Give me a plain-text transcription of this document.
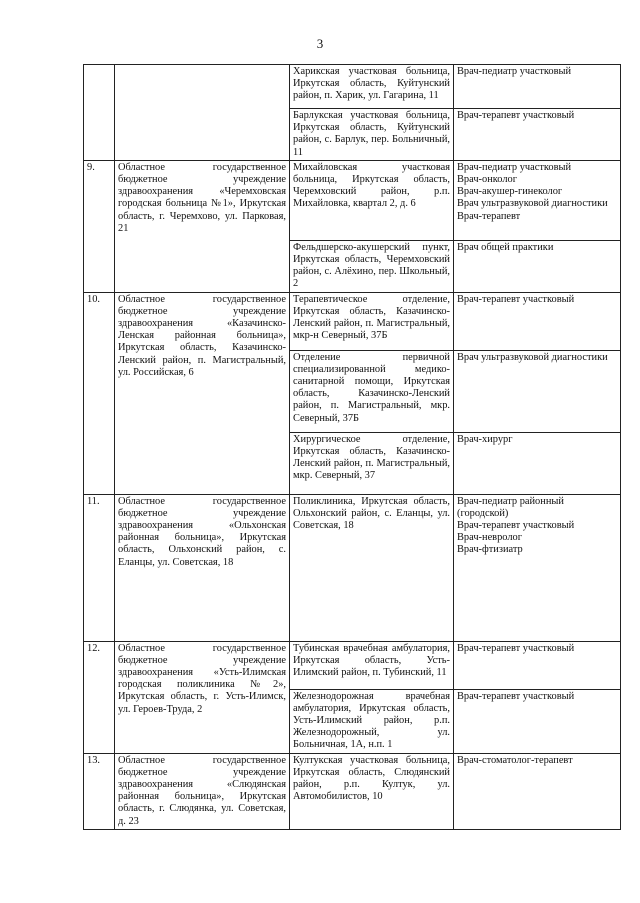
3
		Харикская участковая больница, Иркутская область, Куйтунский район, п. Харик, ул. Гагарина, 11	Врач-педиатр участковый
		Барлукская участковая больница, Иркутская область, Куйтунский район, с. Барлук, пер. Больничный, 11	Врач-терапевт участковый
9.	Областное государственное бюджетное учреждение здравоохранения «Черемховская городская больница №1», Иркутская область, г. Черемхово, ул. Парковая, 21	Михайловская участковая больница, Иркутская область, Черемховский район, р.п. Михайловка, квартал 2, д. 6	Врач-педиатр участковый
Врач-онколог
Врач-акушер-гинеколог
Врач ультразвуковой диагностики
Врач-терапевт
		Фельдшерско-акушерский пункт, Иркутская область, Черемховский район, с. Алёхино, пер. Школьный, 2	Врач общей практики
10.	Областное государственное бюджетное учреждение здравоохранения «Казачинско-Ленская районная больница», Иркутская область, Казачинско-Ленский район, п. Магистральный, ул. Российская, 6	Терапевтическое отделение, Иркутская область, Казачинско-Ленский район, п. Магистральный, мкр-н Северный, 37Б	Врач-терапевт участковый
		Отделение первичной специализированной медико-санитарной помощи, Иркутская область, Казачинско-Ленский район, п. Магистральный, мкр. Северный, 37Б	Врач ультразвуковой диагностики
		Хирургическое отделение, Иркутская область, Казачинско-Ленский район, п. Магистральный, мкр. Северный, 37	Врач-хирург
11.	Областное государственное бюджетное учреждение здравоохранения «Ольхонская районная больница», Иркутская область, Ольхонский район, с. Еланцы, ул. Советская, 18	Поликлиника, Иркутская область, Ольхонский район, с. Еланцы, ул. Советская, 18	Врач-педиатр районный (городской)
Врач-терапевт участковый
Врач-невролог
Врач-фтизиатр
12.	Областное государственное бюджетное учреждение здравоохранения «Усть-Илимская городская поликлиника №2», Иркутская область, г. Усть-Илимск, ул. Героев-Труда, 2	Тубинская врачебная амбулатория, Иркутская область, Усть-Илимский район, п. Тубинский, 11	Врач-терапевт участковый
		Железнодорожная врачебная амбулатория, Иркутская область, Усть-Илимский район, р.п. Железнодорожный, ул. Больничная, 1А, н.п. 1	Врач-терапевт участковый
13.	Областное государственное бюджетное учреждение здравоохранения «Слюдянская районная больница», Иркутская область, г. Слюдянка, ул. Советская, д. 23	Култукская участковая больница, Иркутская область, Слюдянский район, р.п. Култук, ул. Автомобилистов, 10	Врач-стоматолог-терапевт
